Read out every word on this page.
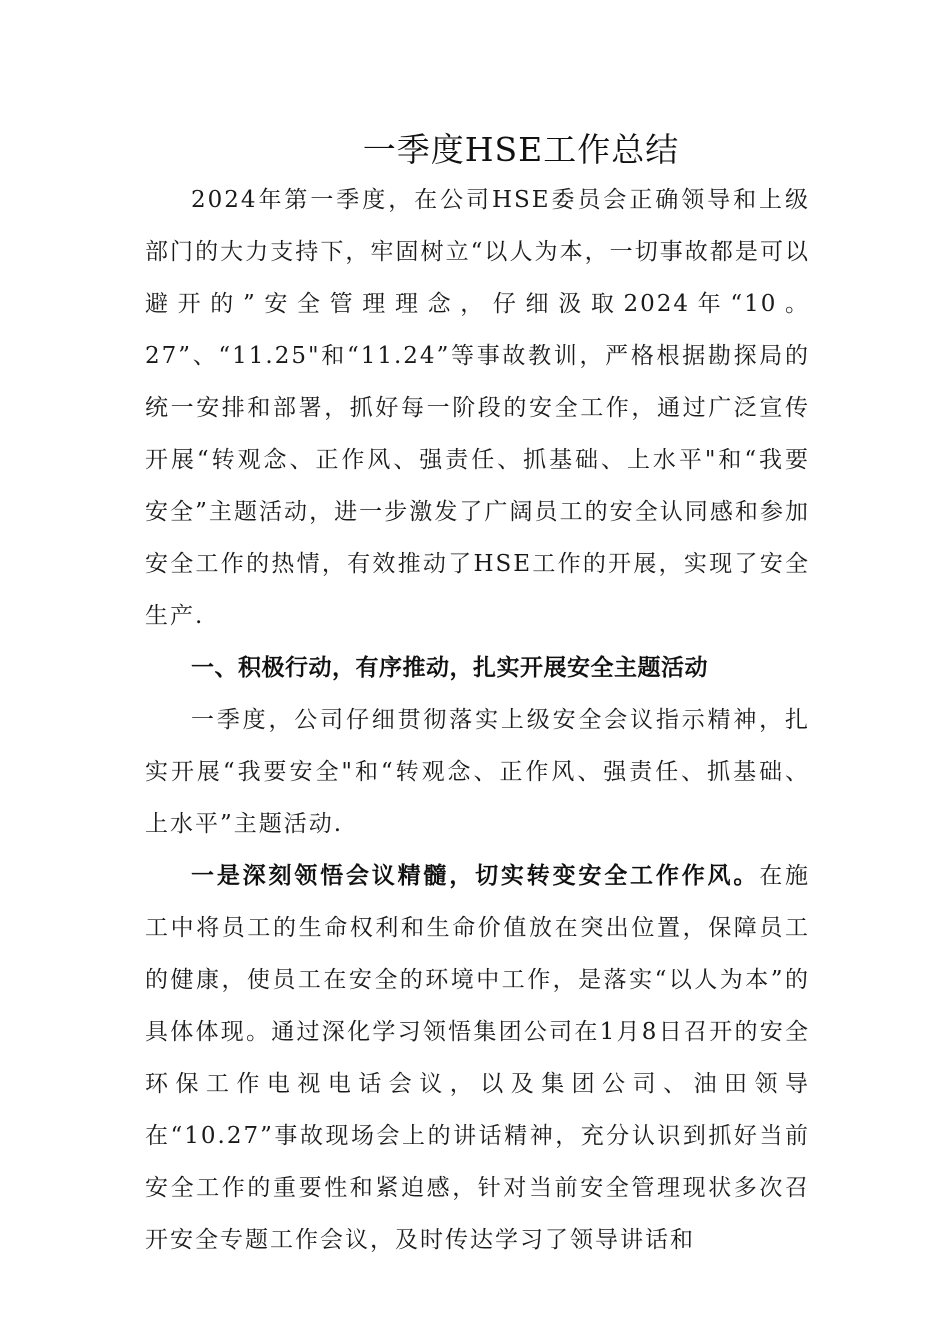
一季度HSE工作总结

2024年第一季度，在公司HSE委员会正确领导和上级部门的大力支持下，牢固树立“以人为本，一切事故都是可以避开的”安全管理理念，仔细汲取2024年“10。27”、“11.25"和“11.24”等事故教训，严格根据勘探局的统一安排和部署，抓好每一阶段的安全工作，通过广泛宣传开展“转观念、正作风、强责任、抓基础、上水平"和“我要安全”主题活动，进一步激发了广阔员工的安全认同感和参加安全工作的热情，有效推动了HSE工作的开展，实现了安全生产.

一、积极行动，有序推动，扎实开展安全主题活动

一季度，公司仔细贯彻落实上级安全会议指示精神，扎实开展“我要安全"和“转观念、正作风、强责任、抓基础、上水平”主题活动.

一是深刻领悟会议精髓，切实转变安全工作作风。在施工中将员工的生命权利和生命价值放在突出位置，保障员工的健康，使员工在安全的环境中工作，是落实“以人为本”的具体体现。通过深化学习领悟集团公司在1月8日召开的安全环保工作电视电话会议，以及集团公司、油田领导在“10.27”事故现场会上的讲话精神，充分认识到抓好当前安全工作的重要性和紧迫感，针对当前安全管理现状多次召开安全专题工作会议，及时传达学习了领导讲话和
